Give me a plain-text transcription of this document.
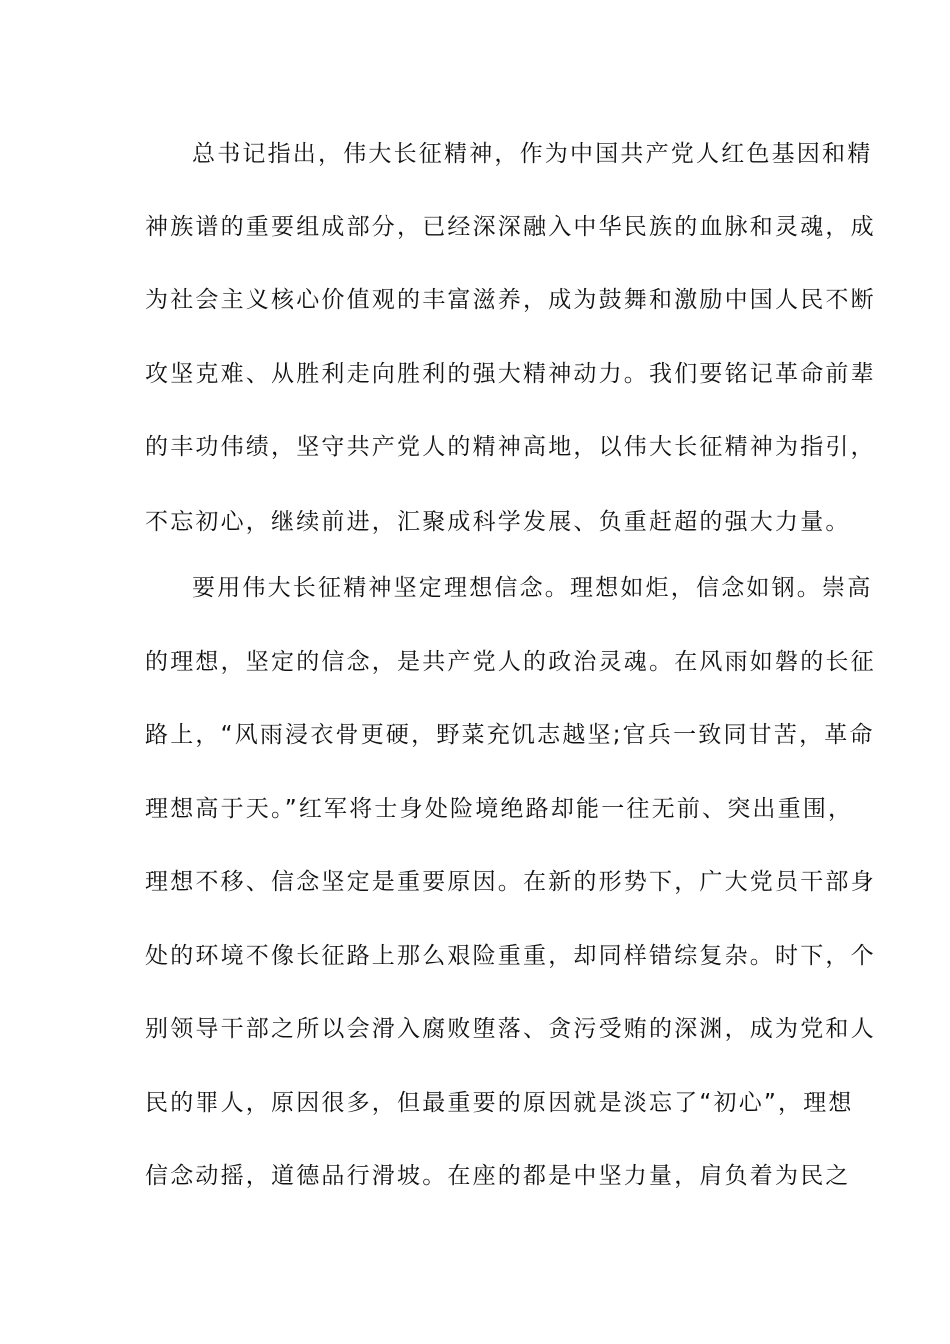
总书记指出，伟大长征精神，作为中国共产党人红色基因和精
神族谱的重要组成部分，已经深深融入中华民族的血脉和灵魂，成
为社会主义核心价值观的丰富滋养，成为鼓舞和激励中国人民不断
攻坚克难、从胜利走向胜利的强大精神动力。我们要铭记革命前辈
的丰功伟绩，坚守共产党人的精神高地，以伟大长征精神为指引，
不忘初心，继续前进，汇聚成科学发展、负重赶超的强大力量。
要用伟大长征精神坚定理想信念。理想如炬，信念如钢。崇高
的理想，坚定的信念，是共产党人的政治灵魂。在风雨如磐的长征
路上，“风雨浸衣骨更硬，野菜充饥志越坚;官兵一致同甘苦，革命
理想高于天。”红军将士身处险境绝路却能一往无前、突出重围，
理想不移、信念坚定是重要原因。在新的形势下，广大党员干部身
处的环境不像长征路上那么艰险重重，却同样错综复杂。时下，个
别领导干部之所以会滑入腐败堕落、贪污受贿的深渊，成为党和人
民的罪人，原因很多，但最重要的原因就是淡忘了“初心”，理想
信念动摇，道德品行滑坡。在座的都是中坚力量，肩负着为民之
